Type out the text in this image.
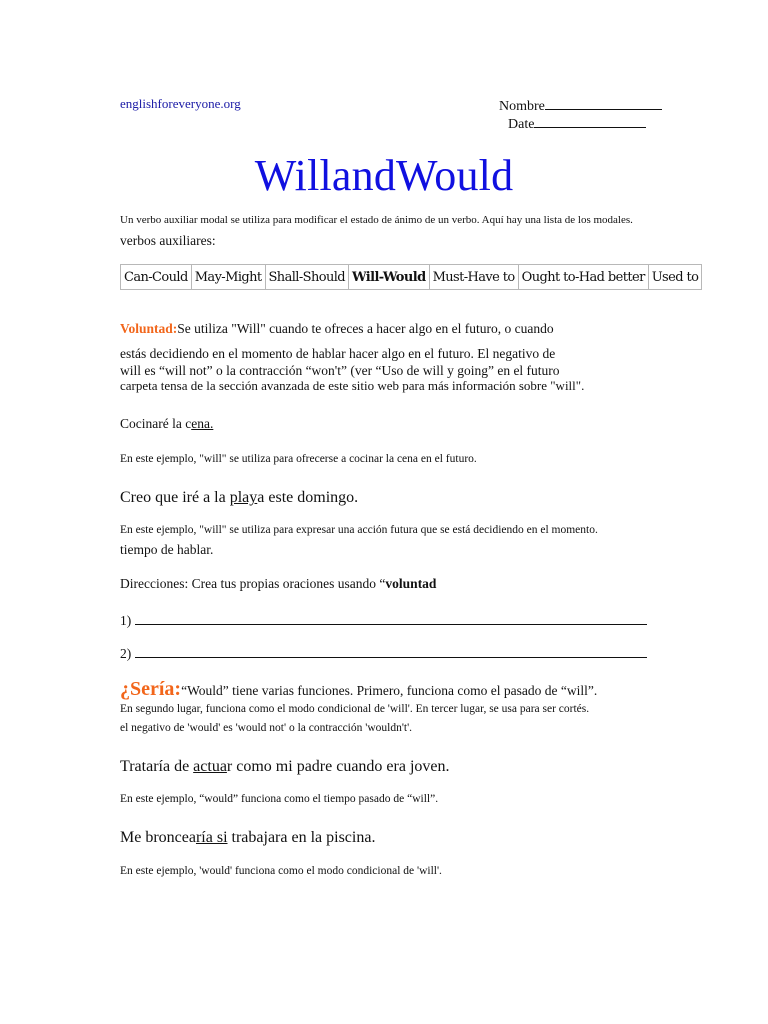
englishforeveryone.org	Nombre
Date
WillandWould
Un verbo auxiliar modal se utiliza para modificar el estado de ánimo de un verbo. Aquí hay una lista de los modales.
verbos auxiliares:
Can-Could	May-Might	Shall-Should	Will-Would	Must-Have to	Ought to-Had better	Used to
Voluntad:Se utiliza "Will" cuando te ofreces a hacer algo en el futuro, o cuando
estás decidiendo en el momento de hablar hacer algo en el futuro. El negativo de
will es “will not” o la contracción “won't” (ver “Uso de will y going” en el futuro
carpeta tensa de la sección avanzada de este sitio web para más información sobre "will".
Cocinaré la cena.
En este ejemplo, "will" se utiliza para ofrecerse a cocinar la cena en el futuro.
Creo que iré a la playa este domingo.
En este ejemplo, "will" se utiliza para expresar una acción futura que se está decidiendo en el momento.
tiempo de hablar.
Direcciones: Crea tus propias oraciones usando “voluntad
1)
2)
¿Sería:“Would” tiene varias funciones. Primero, funciona como el pasado de “will”.
En segundo lugar, funciona como el modo condicional de 'will'. En tercer lugar, se usa para ser cortés.
el negativo de 'would' es 'would not' o la contracción 'wouldn't'.
Trataría de actuar como mi padre cuando era joven.
En este ejemplo, “would” funciona como el tiempo pasado de “will”.
Me broncearía si trabajara en la piscina.
En este ejemplo, 'would' funciona como el modo condicional de 'will'.
